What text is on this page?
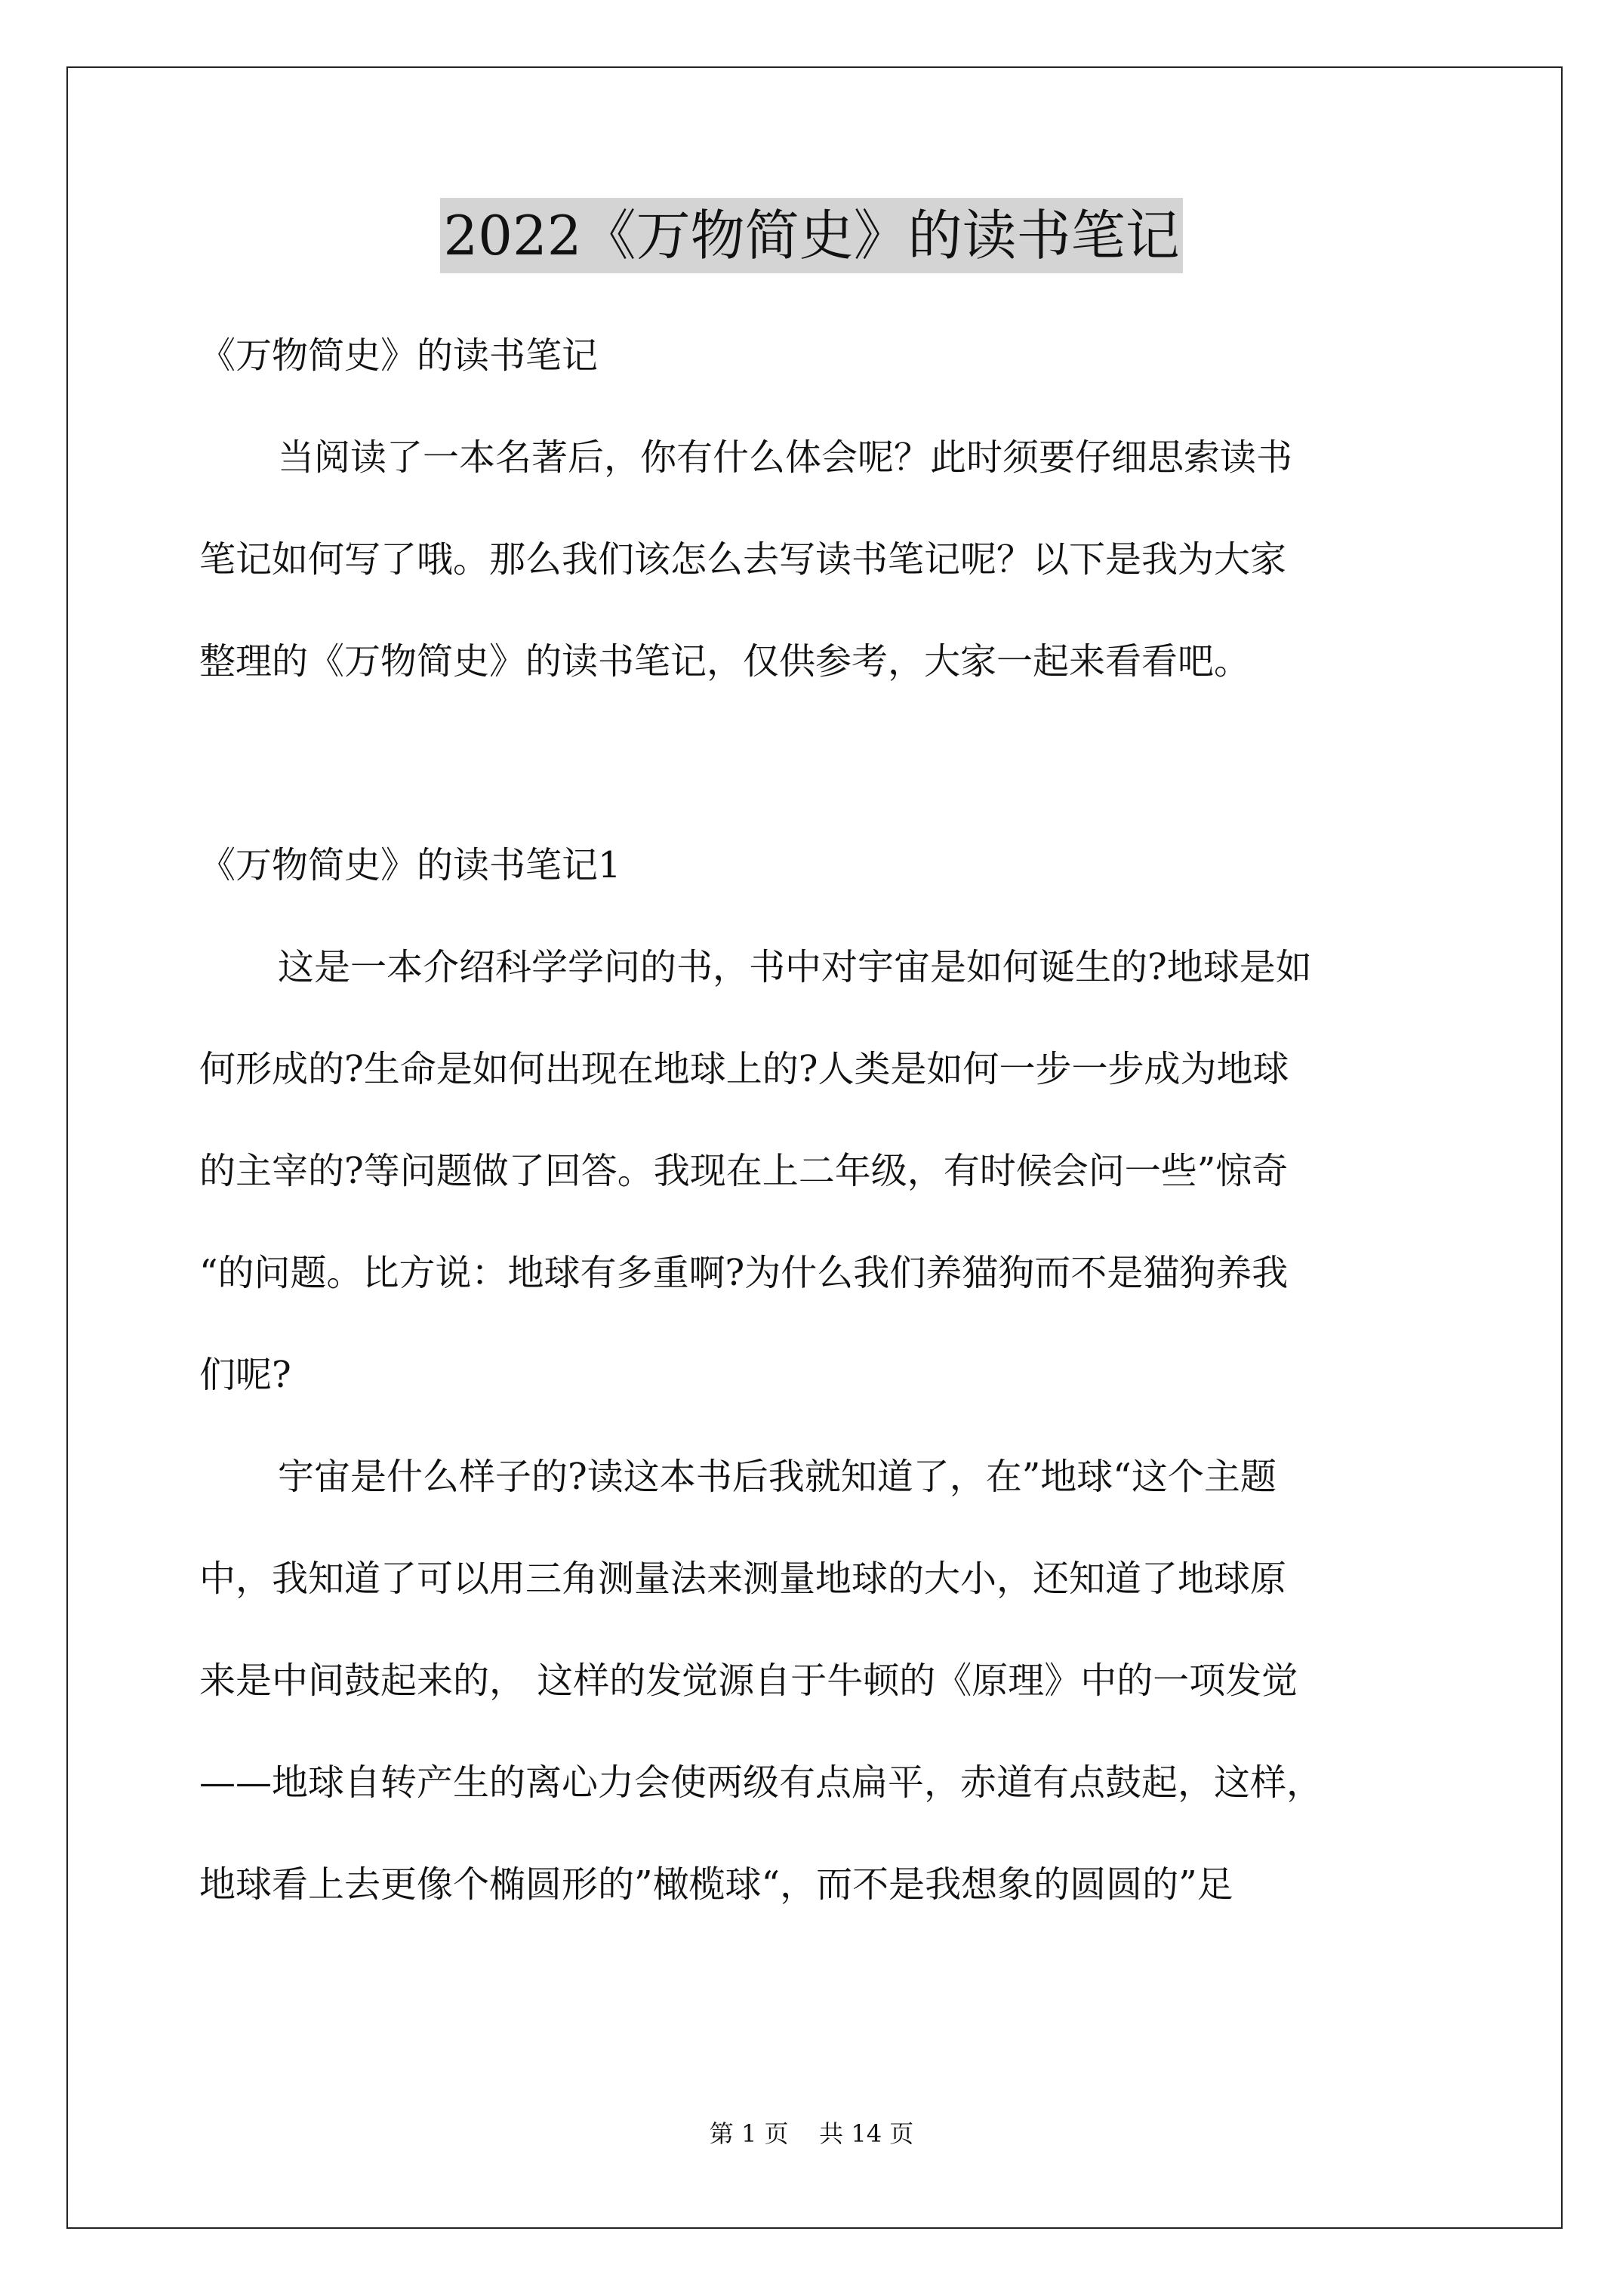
2022《万物简史》的读书笔记

《万物简史》的读书笔记

当阅读了一本名著后，你有什么体会呢？此时须要仔细思索读书

笔记如何写了哦。那么我们该怎么去写读书笔记呢？以下是我为大家

整理的《万物简史》的读书笔记，仅供参考，大家一起来看看吧。

《万物简史》的读书笔记1

这是一本介绍科学学问的书，书中对宇宙是如何诞生的?地球是如

何形成的?生命是如何出现在地球上的?人类是如何一步一步成为地球

的主宰的?等问题做了回答。我现在上二年级，有时候会问一些”惊奇

“的问题。比方说：地球有多重啊?为什么我们养猫狗而不是猫狗养我

们呢?

宇宙是什么样子的?读这本书后我就知道了，在”地球“这个主题

中，我知道了可以用三角测量法来测量地球的大小，还知道了地球原

来是中间鼓起来的， 这样的发觉源自于牛顿的《原理》中的一项发觉

——地球自转产生的离心力会使两级有点扁平，赤道有点鼓起，这样，

地球看上去更像个椭圆形的”橄榄球“，而不是我想象的圆圆的”足

第 1 页    共 14 页
